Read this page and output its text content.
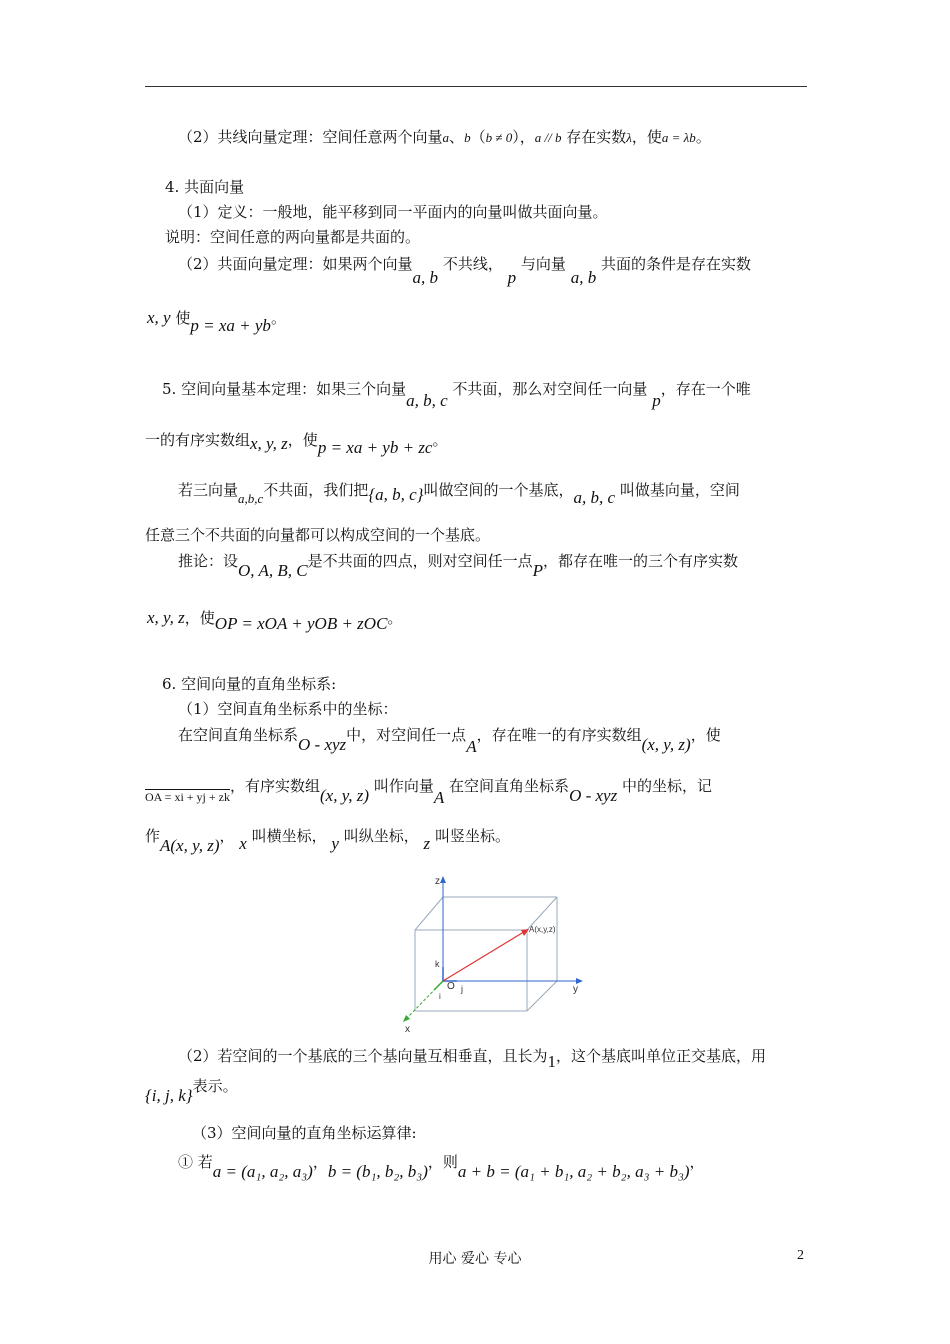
（2）共线向量定理：空间任意两个向量a、b（b ≠ 0），a // b 存在实数λ，使a = λb。
4. 共面向量
（1）定义：一般地，能平移到同一平面内的向量叫做共面向量。
说明：空间任意的两向量都是共面的。
（2）共面向量定理：如果两个向量a, b 不共线， p 与向量 a, b 共面的条件是存在实数
x, y 使p = xa + yb。
5. 空间向量基本定理：如果三个向量a, b, c 不共面，那么对空间任一向量 p，存在一个唯
一的有序实数组x, y, z，使p = xa + yb + zc。
若三向量a,b,c不共面，我们把{a, b, c}叫做空间的一个基底，a, b, c 叫做基向量，空间
任意三个不共面的向量都可以构成空间的一个基底。
推论：设O, A, B, C是不共面的四点，则对空间任一点P，都存在唯一的三个有序实数
x, y, z，使OP = xOA + yOB + zOC。
6. 空间向量的直角坐标系:
（1）空间直角坐标系中的坐标：
在空间直角坐标系O - xyz中，对空间任一点A，存在唯一的有序实数组(x, y, z)，使
$_{OA = xi + yj + zk}$，有序实数组(x, y, z) 叫作向量A 在空间直角坐标系O - xyz 中的坐标，记
作A(x, y, z)， x 叫横坐标， y 叫纵坐标， z 叫竖坐标。
z
k
O j	y
i
x
A(x,y,z)
（2）若空间的一个基底的三个基向量互相垂直，且长为1，这个基底叫单位正交基底，用
{i, j, k}表示。
（3）空间向量的直角坐标运算律:
① 若a = (a₁, a₂, a₃)，b = (b₁, b₂, b₃)，则a + b = (a₁ + b₁, a₂ + b₂, a₃ + b₃)，
用心 爱心 专心	2
